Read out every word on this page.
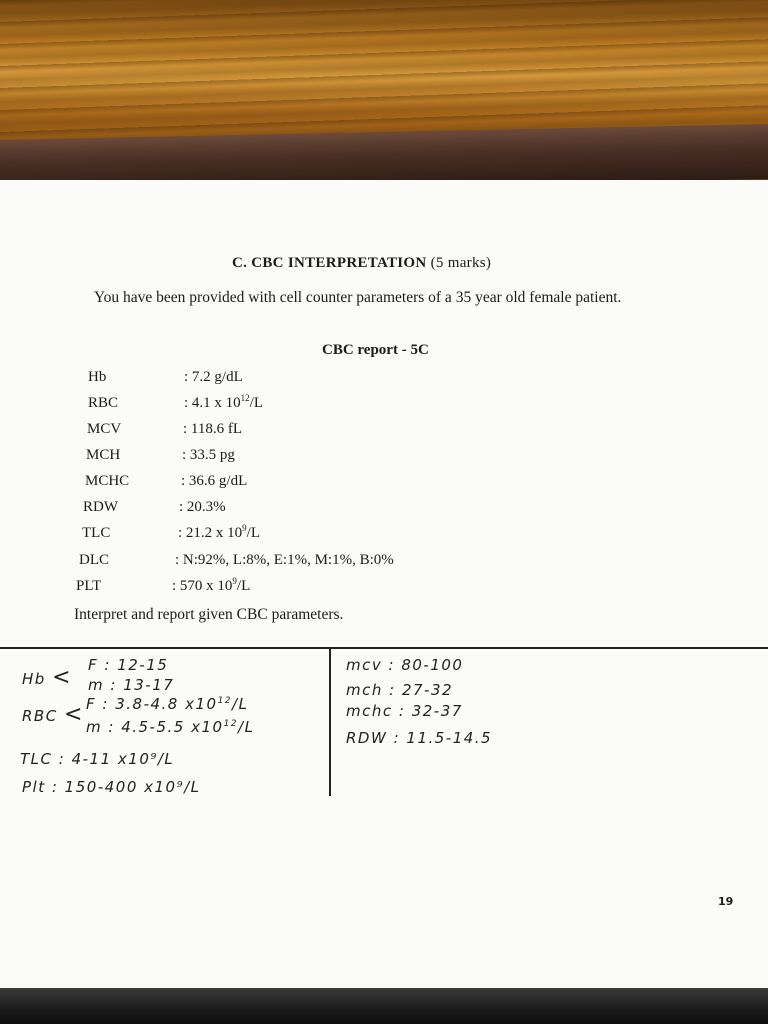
C. CBC INTERPRETATION (5 marks)
You have been provided with cell counter parameters of a 35 year old female patient.
CBC report - 5C
Hb	: 7.2 g/dL
RBC	: 4.1 x $10^{12}/L$
MCV	: 118.6 fL
MCH	: 33.5 pg
MCHC	: 36.6 g/dL
RDW	: 20.3%
TLC	: 21.2 x $10^9/L$
DLC	: N:92%, L:8%, E:1%, M:1%, B:0%
PLT	: 570 x $10^9/L$
Interpret and report given CBC parameters.
Hb < F : 12-15
m : 13-17
RBC < F : 3.8-4.8 $x10^{12}/L$
m : 4.5-5.5 $x10^{12}/L$
TLC : 4-11 x10⁹/L
Plt : 150-400 x10⁹/L
mcv : 80-100
mch : 27-32
mchc : 32-37
RDW : 11.5-14.5
19
